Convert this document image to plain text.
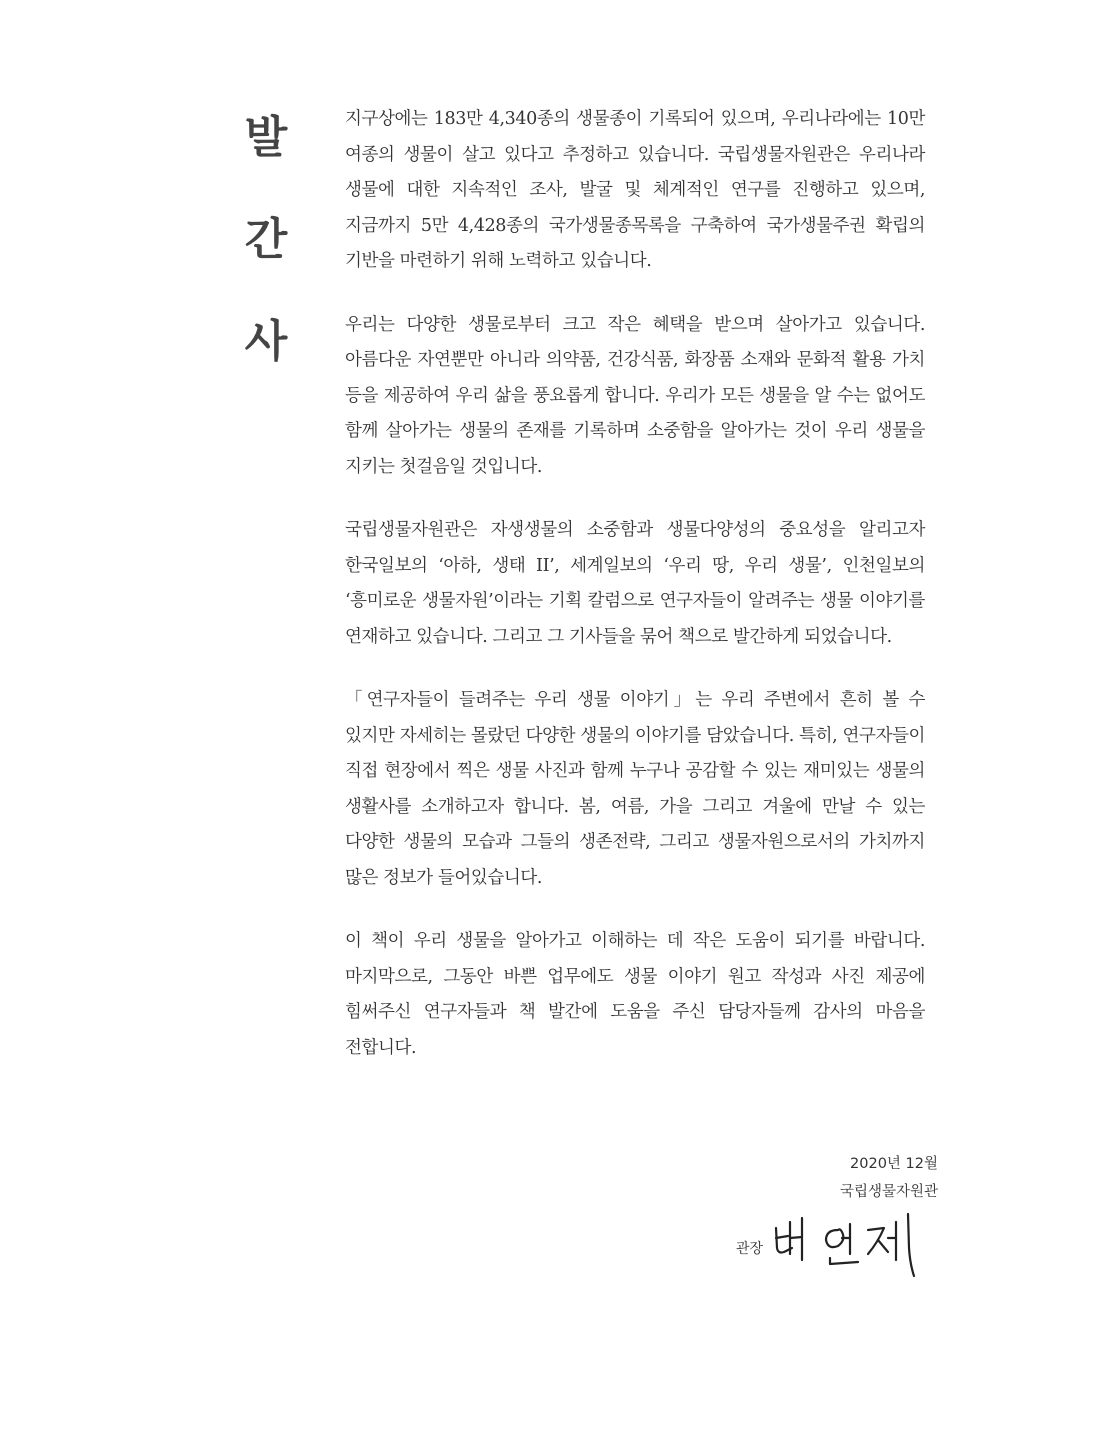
발
간
사

지구상에는 183만 4,340종의 생물종이 기록되어 있으며, 우리나라에는 10만 여종의 생물이 살고 있다고 추정하고 있습니다. 국립생물자원관은 우리나라 생물에 대한 지속적인 조사, 발굴 및 체계적인 연구를 진행하고 있으며, 지금까지 5만 4,428종의 국가생물종목록을 구축하여 국가생물주권 확립의 기반을 마련하기 위해 노력하고 있습니다.

우리는 다양한 생물로부터 크고 작은 혜택을 받으며 살아가고 있습니다. 아름다운 자연뿐만 아니라 의약품, 건강식품, 화장품 소재와 문화적 활용 가치 등을 제공하여 우리 삶을 풍요롭게 합니다. 우리가 모든 생물을 알 수는 없어도 함께 살아가는 생물의 존재를 기록하며 소중함을 알아가는 것이 우리 생물을 지키는 첫걸음일 것입니다.

국립생물자원관은 자생생물의 소중함과 생물다양성의 중요성을 알리고자 한국일보의 ‘아하, 생태 II’, 세계일보의 ‘우리 땅, 우리 생물’, 인천일보의 ‘흥미로운 생물자원’이라는 기획 칼럼으로 연구자들이 알려주는 생물 이야기를 연재하고 있습니다. 그리고 그 기사들을 묶어 책으로 발간하게 되었습니다.

「연구자들이 들려주는 우리 생물 이야기」는 우리 주변에서 흔히 볼 수 있지만 자세히는 몰랐던 다양한 생물의 이야기를 담았습니다. 특히, 연구자들이 직접 현장에서 찍은 생물 사진과 함께 누구나 공감할 수 있는 재미있는 생물의 생활사를 소개하고자 합니다. 봄, 여름, 가을 그리고 겨울에 만날 수 있는 다양한 생물의 모습과 그들의 생존전략, 그리고 생물자원으로서의 가치까지 많은 정보가 들어있습니다.

이 책이 우리 생물을 알아가고 이해하는 데 작은 도움이 되기를 바랍니다. 마지막으로, 그동안 바쁜 업무에도 생물 이야기 원고 작성과 사진 제공에 힘써주신 연구자들과 책 발간에 도움을 주신 담당자들께 감사의 마음을 전합니다.

2020년 12월
국립생물자원관
관장
